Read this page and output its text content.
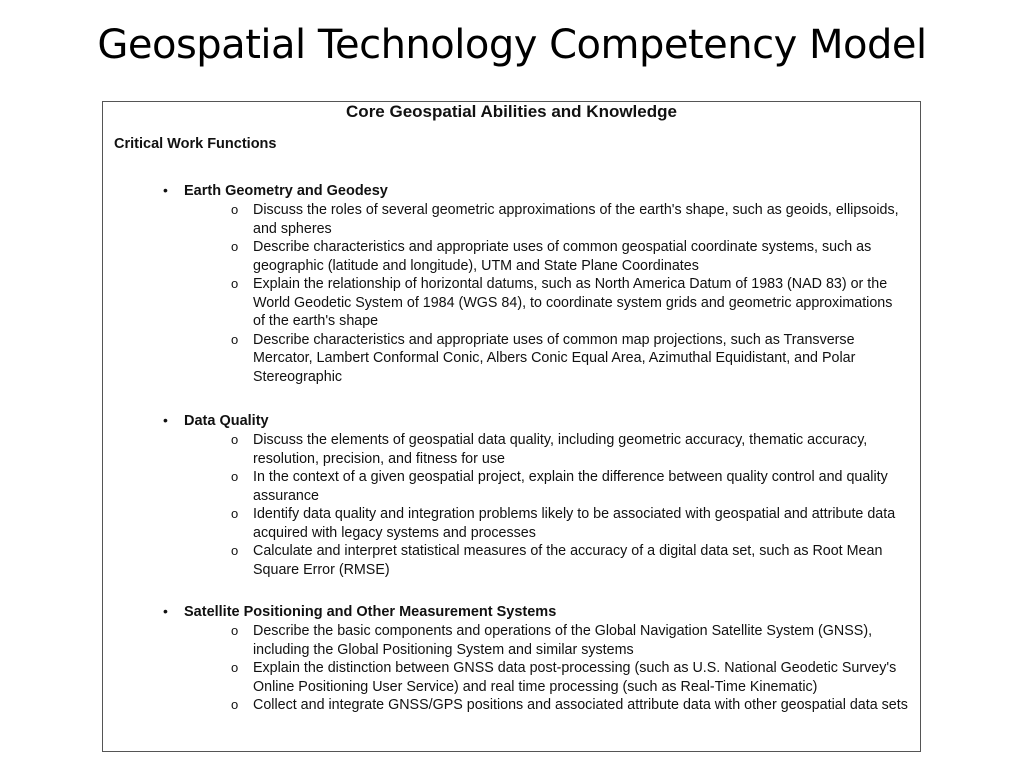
Geospatial Technology Competency Model
Core Geospatial Abilities and Knowledge
Critical Work Functions
• Earth Geometry and Geodesy
o Discuss the roles of several geometric approximations of the earth's shape, such as geoids, ellipsoids, and spheres
o Describe characteristics and appropriate uses of common geospatial coordinate systems, such as geographic (latitude and longitude), UTM and State Plane Coordinates
o Explain the relationship of horizontal datums, such as North America Datum of 1983 (NAD 83) or the World Geodetic System of 1984 (WGS 84), to coordinate system grids and geometric approximations of the earth's shape
o Describe characteristics and appropriate uses of common map projections, such as Transverse Mercator, Lambert Conformal Conic, Albers Conic Equal Area, Azimuthal Equidistant, and Polar Stereographic
• Data Quality
o Discuss the elements of geospatial data quality, including geometric accuracy, thematic accuracy, resolution, precision, and fitness for use
o In the context of a given geospatial project, explain the difference between quality control and quality assurance
o Identify data quality and integration problems likely to be associated with geospatial and attribute data acquired with legacy systems and processes
o Calculate and interpret statistical measures of the accuracy of a digital data set, such as Root Mean Square Error (RMSE)
• Satellite Positioning and Other Measurement Systems
o Describe the basic components and operations of the Global Navigation Satellite System (GNSS), including the Global Positioning System and similar systems
o Explain the distinction between GNSS data post-processing (such as U.S. National Geodetic Survey's Online Positioning User Service) and real time processing (such as Real-Time Kinematic)
o Collect and integrate GNSS/GPS positions and associated attribute data with other geospatial data sets
